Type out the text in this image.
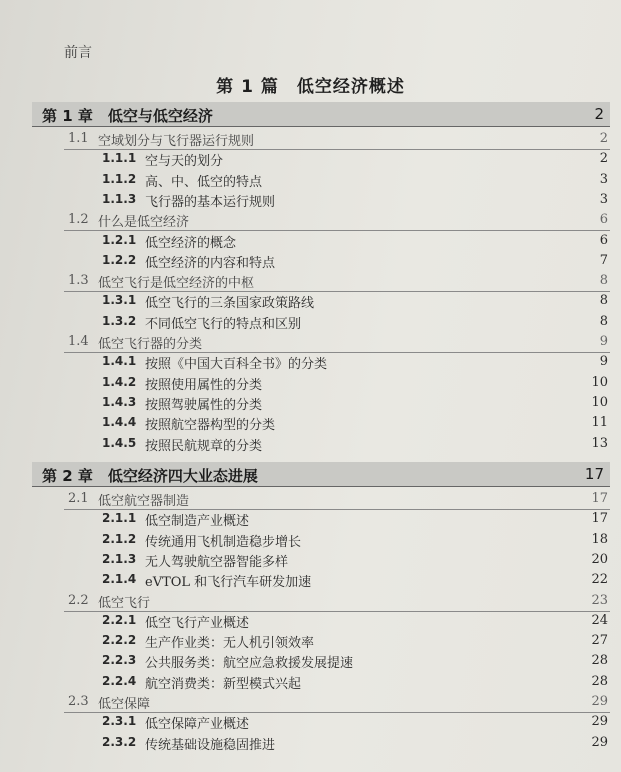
前言
第 1 篇　低空经济概述
第 1 章　低空与低空经济	2
1.1 空域划分与飞行器运行规则	2
1.1.1 空与天的划分	2
1.1.2 高、中、低空的特点	3
1.1.3 飞行器的基本运行规则	3
1.2 什么是低空经济	6
1.2.1 低空经济的概念	6
1.2.2 低空经济的内容和特点	7
1.3 低空飞行是低空经济的中枢	8
1.3.1 低空飞行的三条国家政策路线	8
1.3.2 不同低空飞行的特点和区别	8
1.4 低空飞行器的分类	9
1.4.1 按照《中国大百科全书》的分类	9
1.4.2 按照使用属性的分类	10
1.4.3 按照驾驶属性的分类	10
1.4.4 按照航空器构型的分类	11
1.4.5 按照民航规章的分类	13
第 2 章　低空经济四大业态进展	17
2.1 低空航空器制造	17
2.1.1 低空制造产业概述	17
2.1.2 传统通用飞机制造稳步增长	18
2.1.3 无人驾驶航空器智能多样	20
2.1.4 eVTOL 和飞行汽车研发加速	22
2.2 低空飞行	23
2.2.1 低空飞行产业概述	24
2.2.2 生产作业类：无人机引领效率	27
2.2.3 公共服务类：航空应急救援发展提速	28
2.2.4 航空消费类：新型模式兴起	28
2.3 低空保障	29
2.3.1 低空保障产业概述	29
2.3.2 传统基础设施稳固推进	29
